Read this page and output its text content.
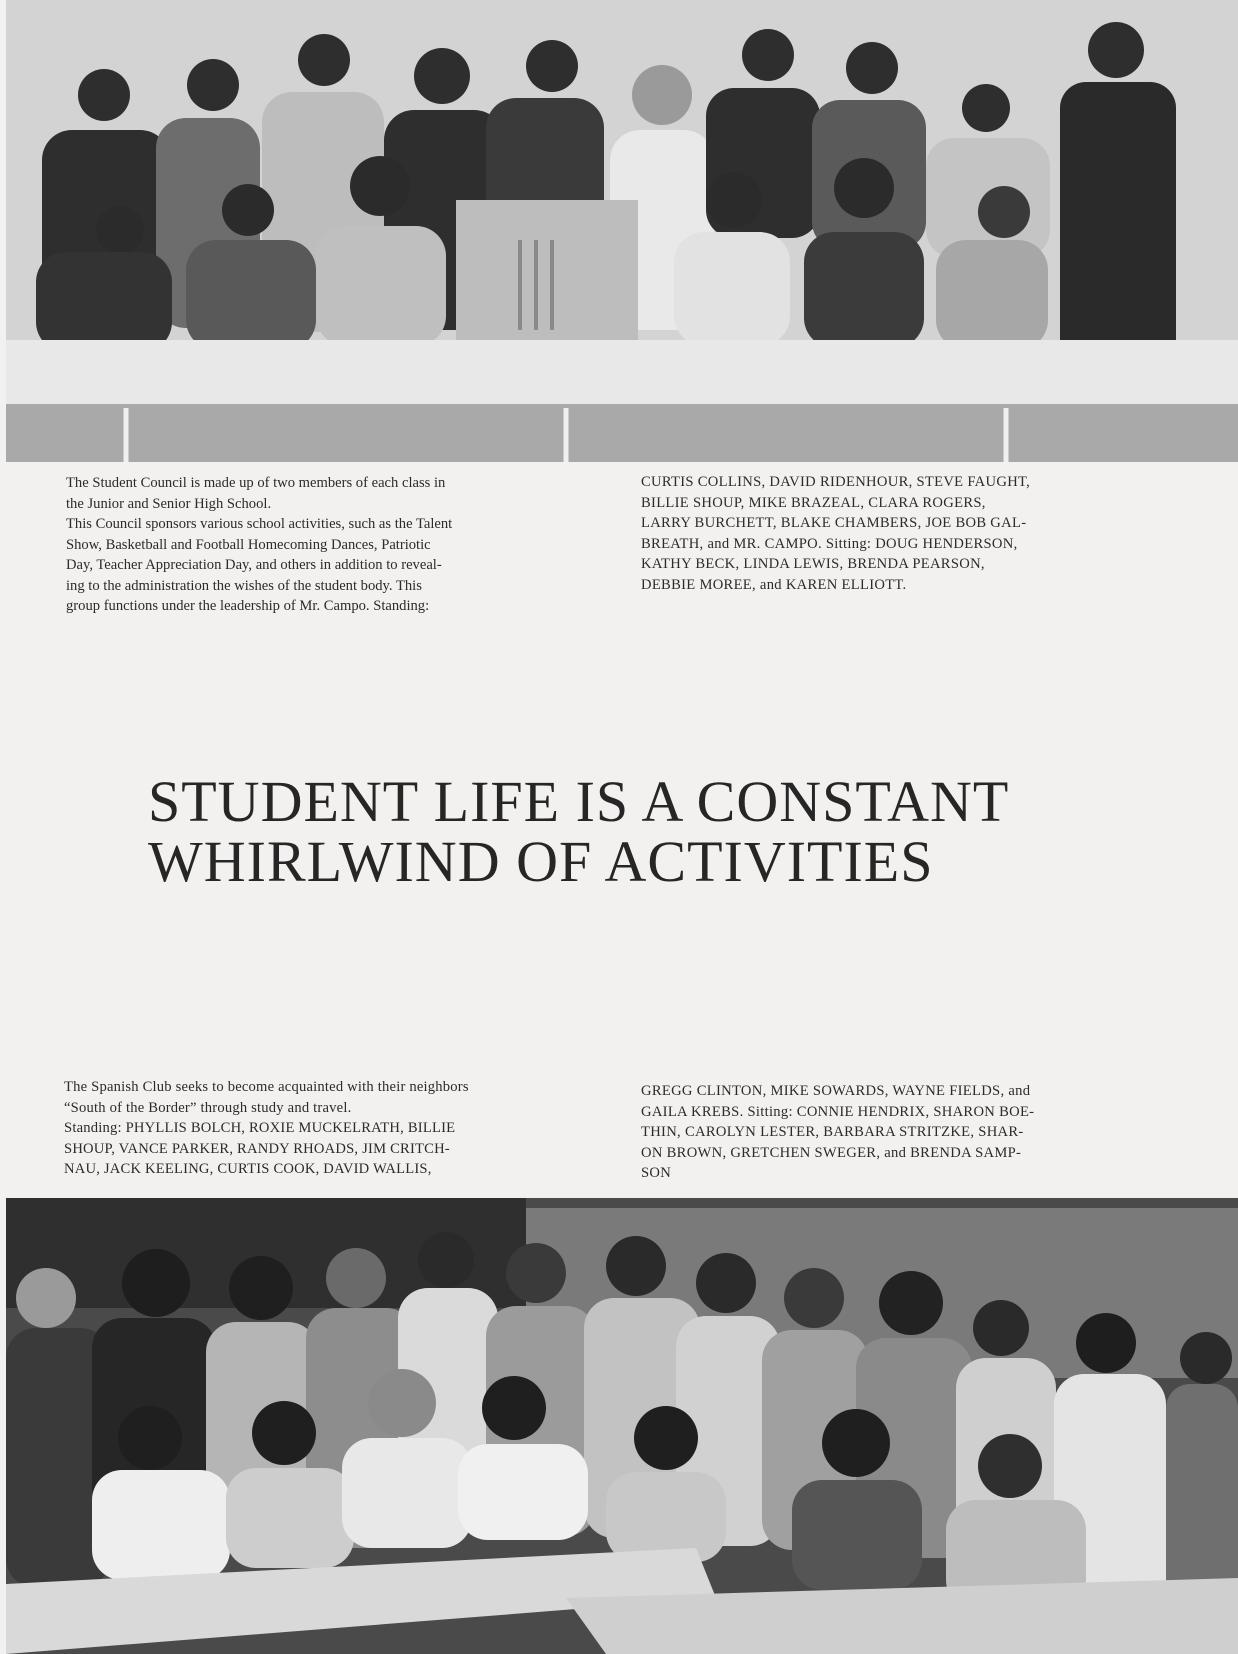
The Student Council is made up of two members of each class in
the Junior and Senior High School.
This Council sponsors various school activities, such as the Talent
Show, Basketball and Football Homecoming Dances, Patriotic
Day, Teacher Appreciation Day, and others in addition to reveal-
ing to the administration the wishes of the student body. This
group functions under the leadership of Mr. Campo. Standing:

CURTIS COLLINS, DAVID RIDENHOUR, STEVE FAUGHT,
BILLIE SHOUP, MIKE BRAZEAL, CLARA ROGERS,
LARRY BURCHETT, BLAKE CHAMBERS, JOE BOB GAL-
BREATH, and MR. CAMPO. Sitting: DOUG HENDERSON,
KATHY BECK, LINDA LEWIS, BRENDA PEARSON,
DEBBIE MOREE, and KAREN ELLIOTT.

STUDENT LIFE IS A CONSTANT
WHIRLWIND OF ACTIVITIES

The Spanish Club seeks to become acquainted with their neighbors
“South of the Border” through study and travel.
Standing: PHYLLIS BOLCH, ROXIE MUCKELRATH, BILLIE
SHOUP, VANCE PARKER, RANDY RHOADS, JIM CRITCH-
NAU, JACK KEELING, CURTIS COOK, DAVID WALLIS,

GREGG CLINTON, MIKE SOWARDS, WAYNE FIELDS, and
GAILA KREBS. Sitting: CONNIE HENDRIX, SHARON BOE-
THIN, CAROLYN LESTER, BARBARA STRITZKE, SHAR-
ON BROWN, GRETCHEN SWEGER, and BRENDA SAMP-
SON
